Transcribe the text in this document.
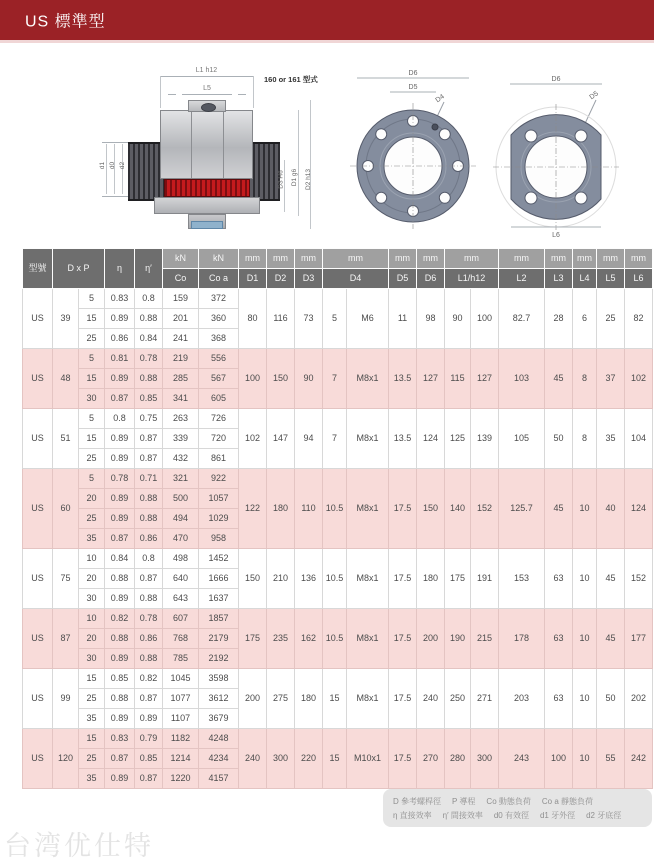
US 標準型
L1 h12
L5
160 or 161 型式
d1 d0 d2
D3 H6 D1 g6 D2 h13
D6
D5
D4
D6
D5
L6
型號	D x P		η	η′	kN	kN	mm	mm	mm	mm		mm	mm	mm		mm	mm	mm	mm	mm
					Co	Co a	D1	D2	D3	D4		D5	D6	L1/h12		L2	L3	L4	L5	L6
US	39	5	0.83	0.8	159	372	80	116	73	5	M6	11	98	90	100	82.7	28	6	25	82
		15	0.89	0.88	201	360														
		25	0.86	0.84	241	368														
US	48	5	0.81	0.78	219	556	100	150	90	7	M8x1	13.5	127	115	127	103	45	8	37	102
		15	0.89	0.88	285	567														
		30	0.87	0.85	341	605														
US	51	5	0.8	0.75	263	726	102	147	94	7	M8x1	13.5	124	125	139	105	50	8	35	104
		15	0.89	0.87	339	720														
		25	0.89	0.87	432	861														
US	60	5	0.78	0.71	321	922	122	180	110	10.5	M8x1	17.5	150	140	152	125.7	45	10	40	124
		20	0.89	0.88	500	1057														
		25	0.89	0.88	494	1029														
		35	0.87	0.86	470	958														
US	75	10	0.84	0.8	498	1452	150	210	136	10.5	M8x1	17.5	180	175	191	153	63	10	45	152
		20	0.88	0.87	640	1666														
		30	0.89	0.88	643	1637														
US	87	10	0.82	0.78	607	1857	175	235	162	10.5	M8x1	17.5	200	190	215	178	63	10	45	177
		20	0.88	0.86	768	2179														
		30	0.89	0.88	785	2192														
US	99	15	0.85	0.82	1045	3598	200	275	180	15	M8x1	17.5	240	250	271	203	63	10	50	202
		25	0.88	0.87	1077	3612														
		35	0.89	0.89	1107	3679														
US	120	15	0.83	0.79	1182	4248	240	300	220	15	M10x1	17.5	270	280	300	243	100	10	55	242
		25	0.87	0.85	1214	4234														
		35	0.89	0.87	1220	4157														
D 參考螺桿徑 P 導程 Co 動態負荷 Co a 靜態負荷
η 直接效率 η′ 間接效率 d0 有效徑 d1 牙外徑 d2 牙底徑
台湾优仕特
